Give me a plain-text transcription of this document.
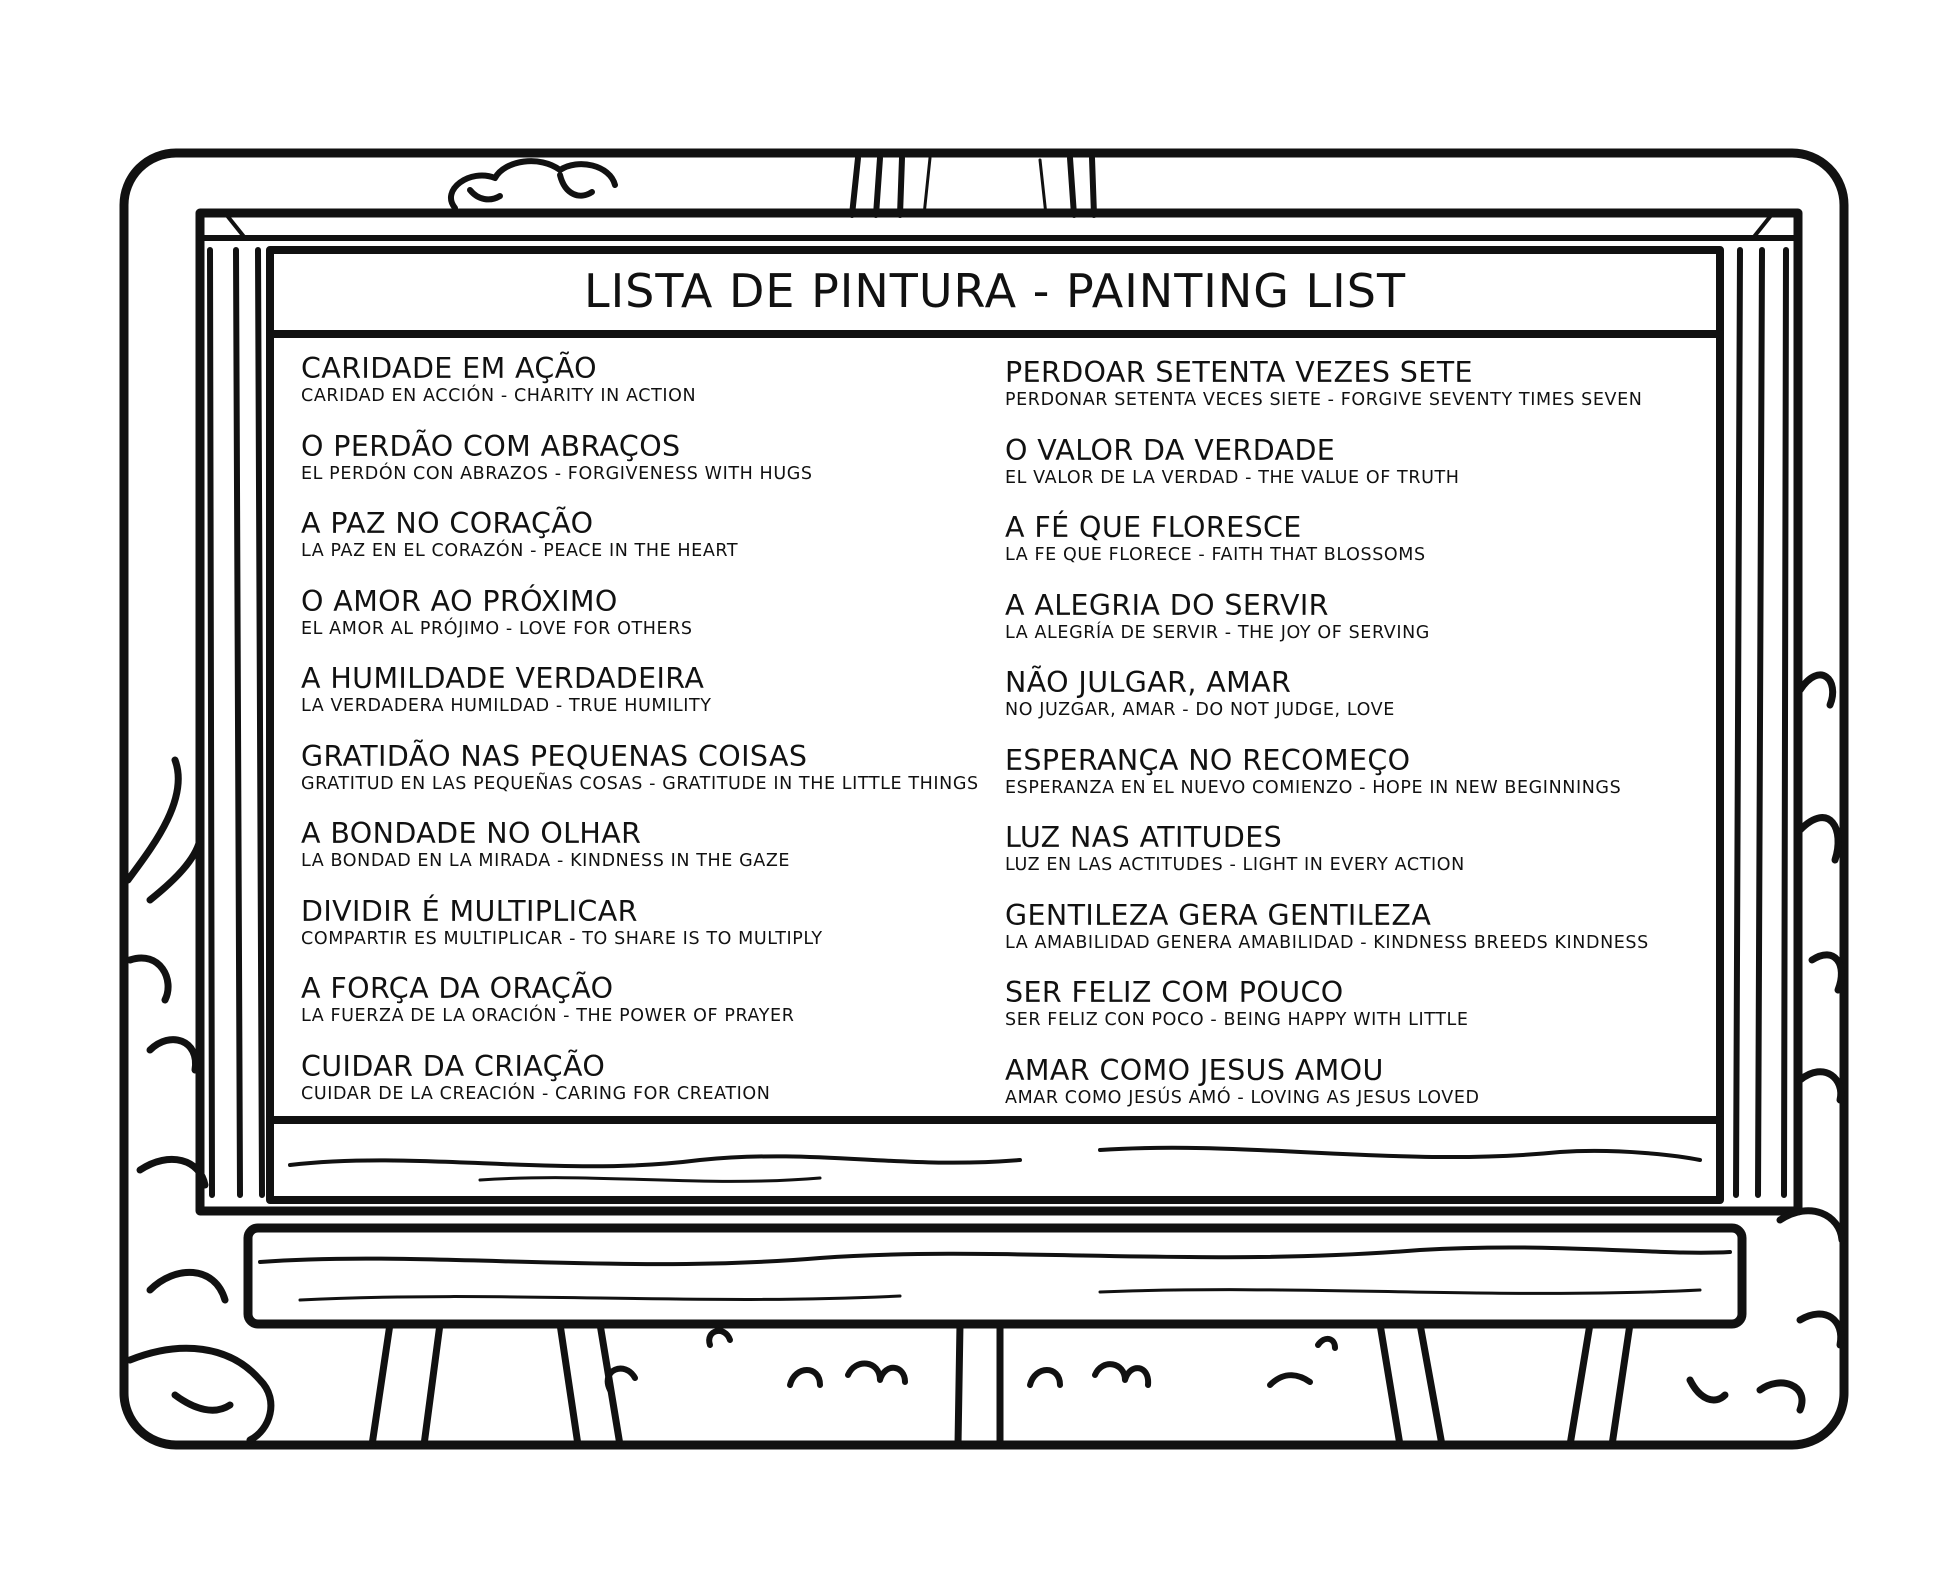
LISTA DE PINTURA - PAINTING LIST
CARIDADE EM AÇÃO
CARIDAD EN ACCIÓN - CHARITY IN ACTION
O PERDÃO COM ABRAÇOS
EL PERDÓN CON ABRAZOS - FORGIVENESS WITH HUGS
A PAZ NO CORAÇÃO
LA PAZ EN EL CORAZÓN - PEACE IN THE HEART
O AMOR AO PRÓXIMO
EL AMOR AL PRÓJIMO - LOVE FOR OTHERS
A HUMILDADE VERDADEIRA
LA VERDADERA HUMILDAD - TRUE HUMILITY
GRATIDÃO NAS PEQUENAS COISAS
GRATITUD EN LAS PEQUEÑAS COSAS - GRATITUDE IN THE LITTLE THINGS
A BONDADE NO OLHAR
LA BONDAD EN LA MIRADA - KINDNESS IN THE GAZE
DIVIDIR É MULTIPLICAR
COMPARTIR ES MULTIPLICAR - TO SHARE IS TO MULTIPLY
A FORÇA DA ORAÇÃO
LA FUERZA DE LA ORACIÓN - THE POWER OF PRAYER
CUIDAR DA CRIAÇÃO
CUIDAR DE LA CREACIÓN - CARING FOR CREATION
PERDOAR SETENTA VEZES SETE
PERDONAR SETENTA VECES SIETE - FORGIVE SEVENTY TIMES SEVEN
O VALOR DA VERDADE
EL VALOR DE LA VERDAD - THE VALUE OF TRUTH
A FÉ QUE FLORESCE
LA FE QUE FLORECE - FAITH THAT BLOSSOMS
A ALEGRIA DO SERVIR
LA ALEGRÍA DE SERVIR - THE JOY OF SERVING
NÃO JULGAR, AMAR
NO JUZGAR, AMAR - DO NOT JUDGE, LOVE
ESPERANÇA NO RECOMEÇO
ESPERANZA EN EL NUEVO COMIENZO - HOPE IN NEW BEGINNINGS
LUZ NAS ATITUDES
LUZ EN LAS ACTITUDES - LIGHT IN EVERY ACTION
GENTILEZA GERA GENTILEZA
LA AMABILIDAD GENERA AMABILIDAD - KINDNESS BREEDS KINDNESS
SER FELIZ COM POUCO
SER FELIZ CON POCO - BEING HAPPY WITH LITTLE
AMAR COMO JESUS AMOU
AMAR COMO JESÚS AMÓ - LOVING AS JESUS LOVED
